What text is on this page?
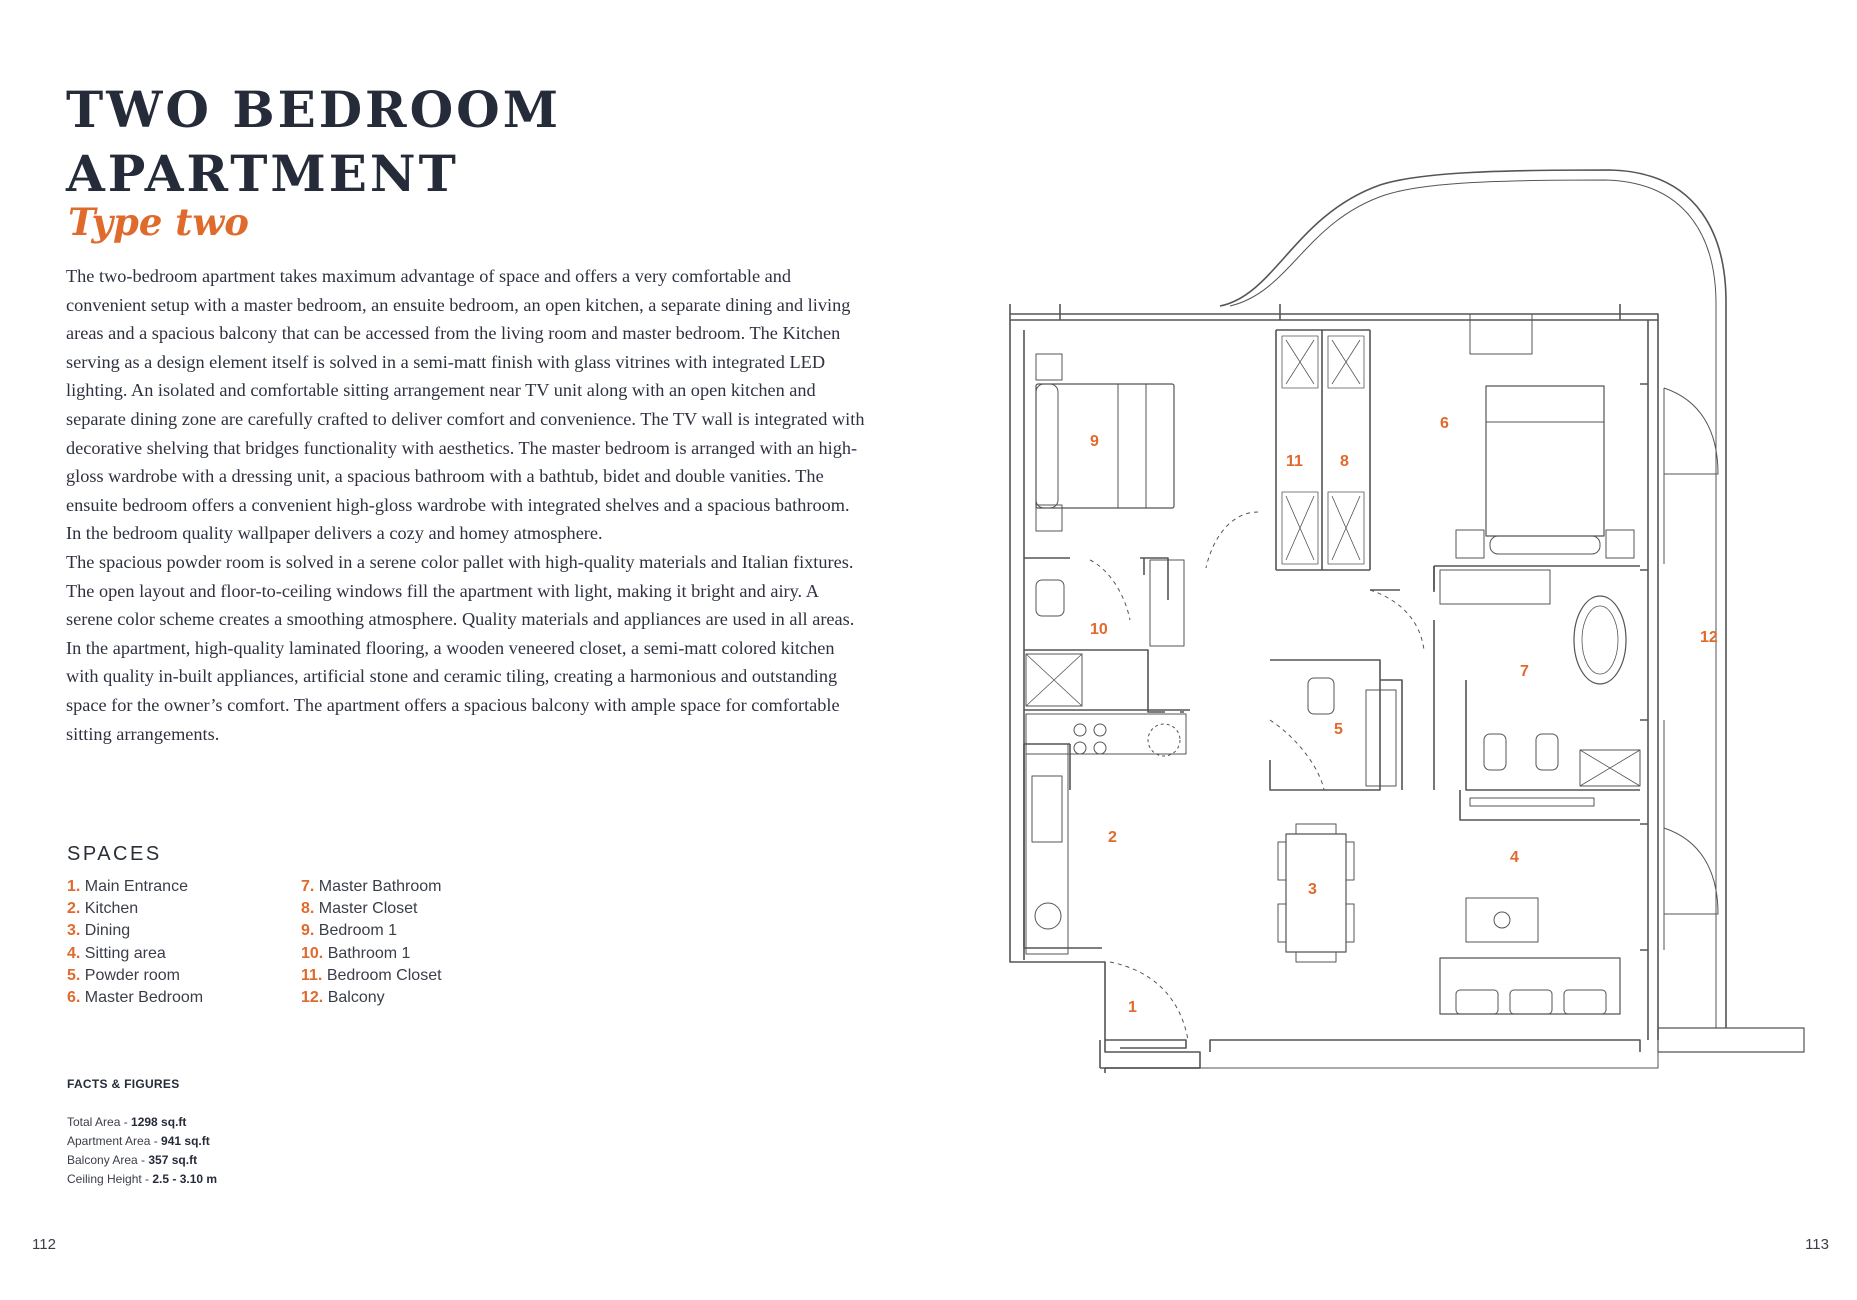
TWO BEDROOM
APARTMENT
Type two

The two-bedroom apartment takes maximum advantage of space and offers a very comfortable and convenient setup with a master bedroom, an ensuite bedroom, an open kitchen, a separate dining and living areas and a spacious balcony that can be accessed from the living room and master bedroom. The Kitchen serving as a design element itself is solved in a semi-matt finish with glass vitrines with integrated LED lighting. An isolated and comfortable sitting arrangement near TV unit along with an open kitchen and separate dining zone are carefully crafted to deliver comfort and convenience. The TV wall is integrated with decorative shelving that bridges functionality with aesthetics. The master bedroom is arranged with an high-gloss wardrobe with a dressing unit, a spacious bathroom with a bathtub, bidet and double vanities. The ensuite bedroom offers a convenient high-gloss wardrobe with integrated shelves and a spacious bathroom. In the bedroom quality wallpaper delivers a cozy and homey atmosphere.

The spacious powder room is solved in a serene color pallet with high-quality materials and Italian fixtures. The open layout and floor-to-ceiling windows fill the apartment with light, making it bright and airy. A serene color scheme creates a smoothing atmosphere. Quality materials and appliances are used in all areas. In the apartment, high-quality laminated flooring, a wooden veneered closet, a semi-matt colored kitchen with quality in-built appliances, artificial stone and ceramic tiling, creating a harmonious and outstanding space for the owner’s comfort. The apartment offers a spacious balcony with ample space for comfortable sitting arrangements.

SPACES
1. Main Entrance
2. Kitchen
3. Dining
4. Sitting area
5. Powder room
6. Master Bedroom
7. Master Bathroom
8. Master Closet
9. Bedroom 1
10. Bathroom 1
11. Bedroom Closet
12. Balcony
FACTS & FIGURES
Total Area - 1298 sq.ft
Apartment Area - 941 sq.ft
Balcony Area - 357 sq.ft
Ceiling Height - 2.5 - 3.10 m
112	113
1
2
3
4
5
6
7
8
9
10
11
12
